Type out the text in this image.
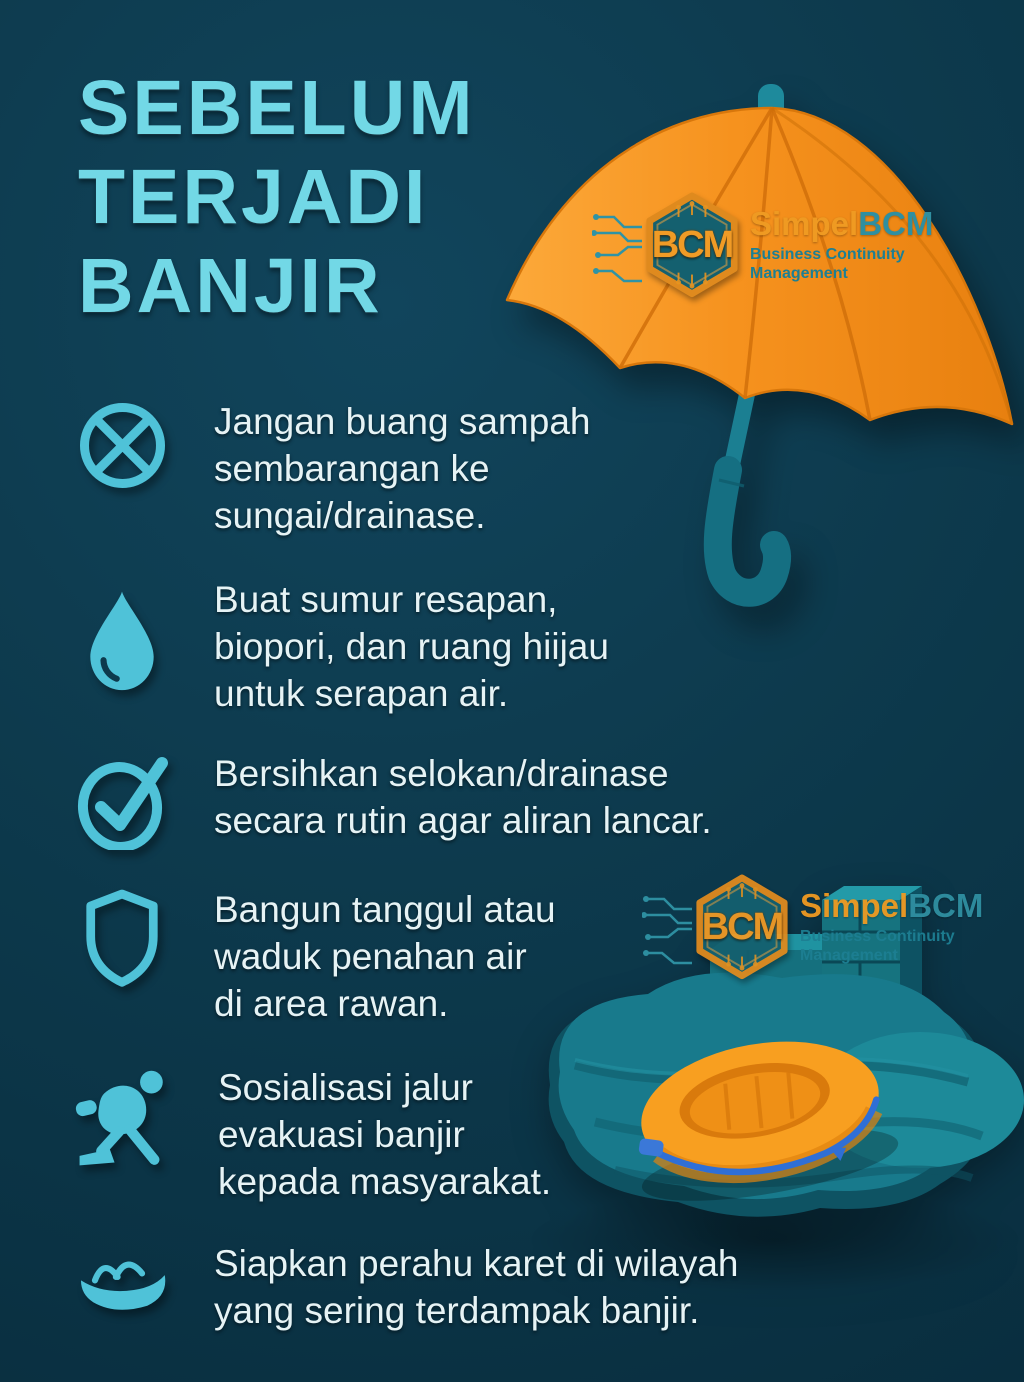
SEBELUM
TERJADI
BANJIR	BCM SimpelBCM
Business Continuity
Management
BCM SimpelBCM
Business Continuity
Management
Jangan buang sampah
sembarangan ke
sungai/drainase.
Buat sumur resapan,
biopori, dan ruang hiijau
untuk serapan air.
Bersihkan selokan/drainase
secara rutin agar aliran lancar.
Bangun tanggul atau
waduk penahan air
di area rawan.
Sosialisasi jalur
evakuasi banjir
kepada masyarakat.
Siapkan perahu karet di wilayah
yang sering terdampak banjir.
